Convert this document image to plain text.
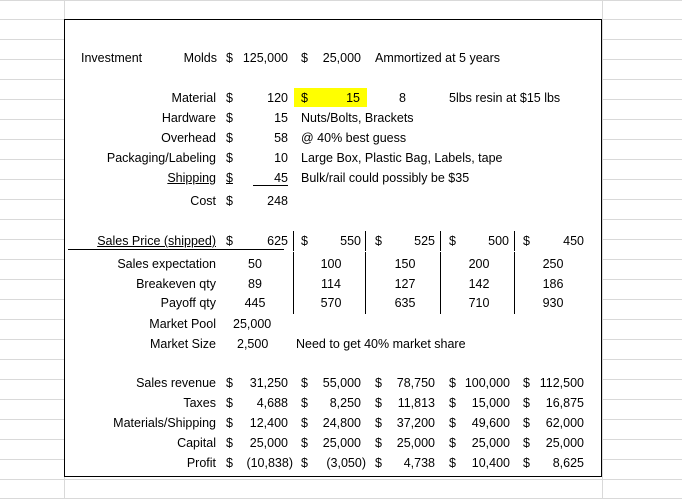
Investment	Molds $ 125,000 $	25,000 Ammortized at 5 years
Material $	120 $	15	8	5lbs resin at $15 lbs
Hardware $	15 Nuts/Bolts, Brackets
Overhead $	58 @ 40% best guess
Packaging/Labeling $	10 Large Box, Plastic Bag, Labels, tape
Shipping $	45 Bulk/rail could possibly be $35
Cost $	248
Sales Price (shipped) $	625 $	550 $	525 $	500 $	450
Sales expectation	50	100	150	200	250
Breakeven qty	89	114	127	142	186
Payoff qty	445	570	635	710	930
Market Pool 25,000
Market Size 2,500 Need to get 40% market share
Sales revenue $	31,250 $	55,000 $	78,750 $ 100,000 $ 112,500
Taxes $	4,688 $	8,250 $	11,813 $	15,000 $	16,875
Materials/Shipping $	12,400 $	24,800 $	37,200 $	49,600 $	62,000
Capital $	25,000 $	25,000 $	25,000 $	25,000 $	25,000
Profit $	(10,838) $	(3,050) $	4,738 $	10,400 $	8,625
